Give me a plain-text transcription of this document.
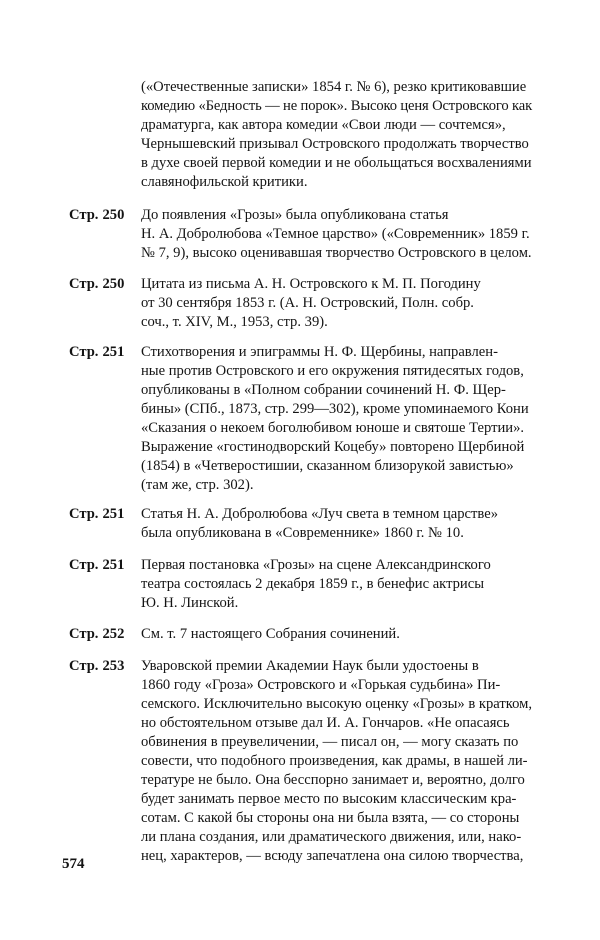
(«Отечественные записки» 1854 г. № 6), резко критиковавшие
комедию «Бедность — не порок». Высоко ценя Островского как
драматурга, как автора комедии «Свои люди — сочтемся»,
Чернышевский призывал Островского продолжать творчество
в духе своей первой комедии и не обольщаться восхвалениями
славянофильской критики.
Стр. 250 До появления «Грозы» была опубликована статья
Н. А. Добролюбова «Темное царство» («Современник» 1859 г.
№ 7, 9), высоко оценивавшая творчество Островского в целом.
Стр. 250 Цитата из письма А. Н. Островского к М. П. Погодину
от 30 сентября 1853 г. (А. Н. Островский, Полн. собр.
соч., т. XIV, М., 1953, стр. 39).
Стр. 251 Стихотворения и эпиграммы Н. Ф. Щербины, направлен-
ные против Островского и его окружения пятидесятых годов,
опубликованы в «Полном собрании сочинений Н. Ф. Щер-
бины» (СПб., 1873, стр. 299—302), кроме упоминаемого Кони
«Сказания о некоем боголюбивом юноше и святоше Тертии».
Выражение «гостинодворский Коцебу» повторено Щербиной
(1854) в «Четверостишии, сказанном близорукой завистью»
(там же, стр. 302).
Стр. 251 Статья Н. А. Добролюбова «Луч света в темном царстве»
была опубликована в «Современнике» 1860 г. № 10.
Стр. 251 Первая постановка «Грозы» на сцене Александринского
театра состоялась 2 декабря 1859 г., в бенефис актрисы
Ю. Н. Линской.
Стр. 252 См. т. 7 настоящего Собрания сочинений.
Стр. 253 Уваровской премии Академии Наук были удостоены в
1860 году «Гроза» Островского и «Горькая судьбина» Пи-
семского. Исключительно высокую оценку «Грозы» в кратком,
но обстоятельном отзыве дал И. А. Гончаров. «Не опасаясь
обвинения в преувеличении, — писал он, — могу сказать по
совести, что подобного произведения, как драмы, в нашей ли-
тературе не было. Она бесспорно занимает и, вероятно, долго
будет занимать первое место по высоким классическим кра-
сотам. С какой бы стороны она ни была взята, — со стороны
ли плана создания, или драматического движения, или, нако-
нец, характеров, — всюду запечатлена она силою творчества,
574
